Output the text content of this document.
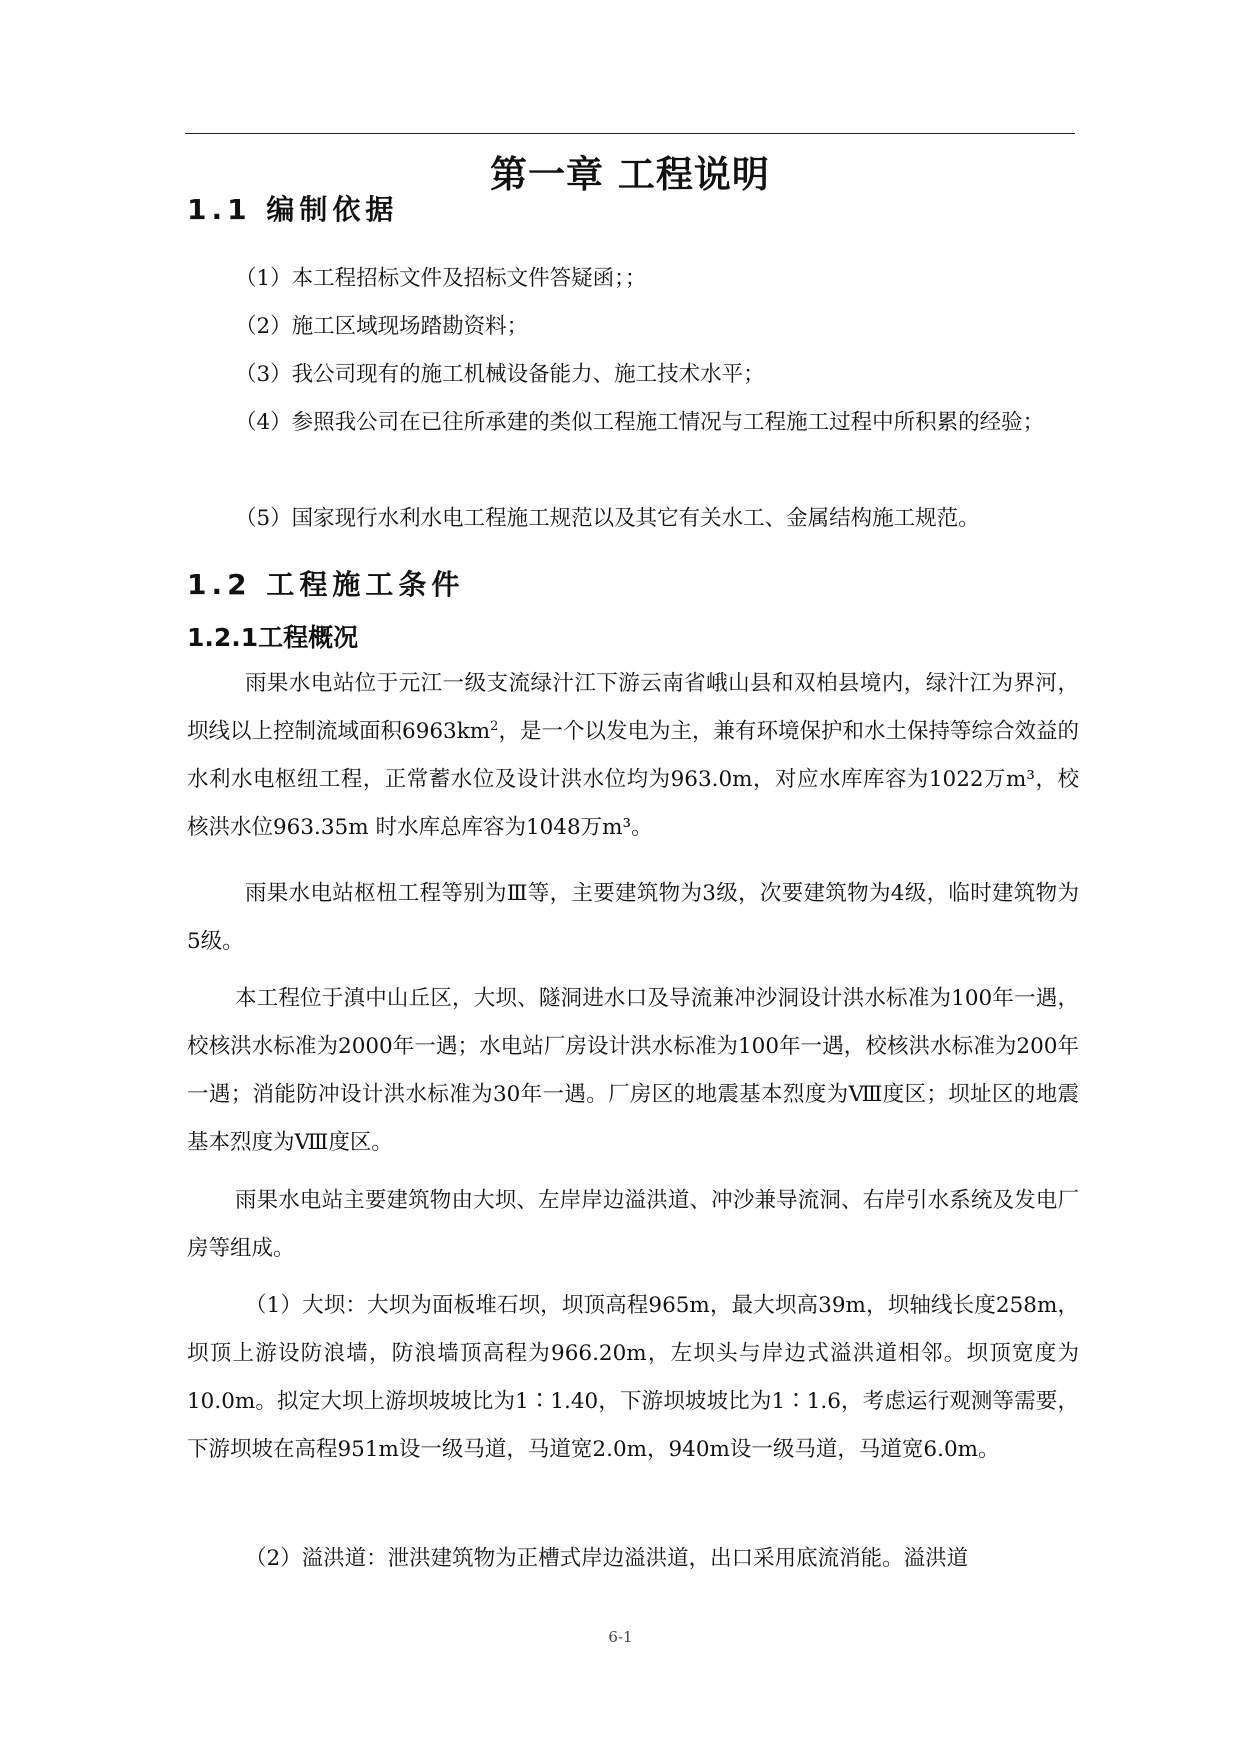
第一章 工程说明
1.1 编制依据
（1）本工程招标文件及招标文件答疑函；；
（2）施工区域现场踏勘资料；
（3）我公司现有的施工机械设备能力、施工技术水平；
（4）参照我公司在已往所承建的类似工程施工情况与工程施工过程中所积累的经验；
（5）国家现行水利水电工程施工规范以及其它有关水工、金属结构施工规范。
1.2 工程施工条件
1.2.1工程概况
雨果水电站位于元江一级支流绿汁江下游云南省峨山县和双柏县境内，绿汁江为界河，坝线以上控制流域面积$6963km^2$，是一个以发电为主，兼有环境保护和水土保持等综合效益的水利水电枢纽工程，正常蓄水位及设计洪水位均为963.0m，对应水库库容为1022万m³，校核洪水位963.35m 时水库总库容为1048万m³。
雨果水电站枢杻工程等别为Ⅲ等，主要建筑物为3级，次要建筑物为4级，临时建筑物为5级。
本工程位于滇中山丘区，大坝、隧洞进水口及导流兼冲沙洞设计洪水标准为100年一遇，校核洪水标准为2000年一遇；水电站厂房设计洪水标准为100年一遇，校核洪水标准为200年一遇；消能防冲设计洪水标准为30年一遇。厂房区的地震基本烈度为Ⅷ度区；坝址区的地震基本烈度为Ⅷ度区。
雨果水电站主要建筑物由大坝、左岸岸边溢洪道、冲沙兼导流洞、右岸引水系统及发电厂房等组成。
（1）大坝：大坝为面板堆石坝，坝顶高程965m，最大坝高39m，坝轴线长度258m，坝顶上游设防浪墙，防浪墙顶高程为966.20m，左坝头与岸边式溢洪道相邻。坝顶宽度为10.0m。拟定大坝上游坝坡坡比为1∶1.40，下游坝坡坡比为1∶1.6，考虑运行观测等需要，下游坝坡在高程951m设一级马道，马道宽2.0m，940m设一级马道，马道宽6.0m。
（2）溢洪道：泄洪建筑物为正槽式岸边溢洪道，出口采用底流消能。溢洪道
6-1
